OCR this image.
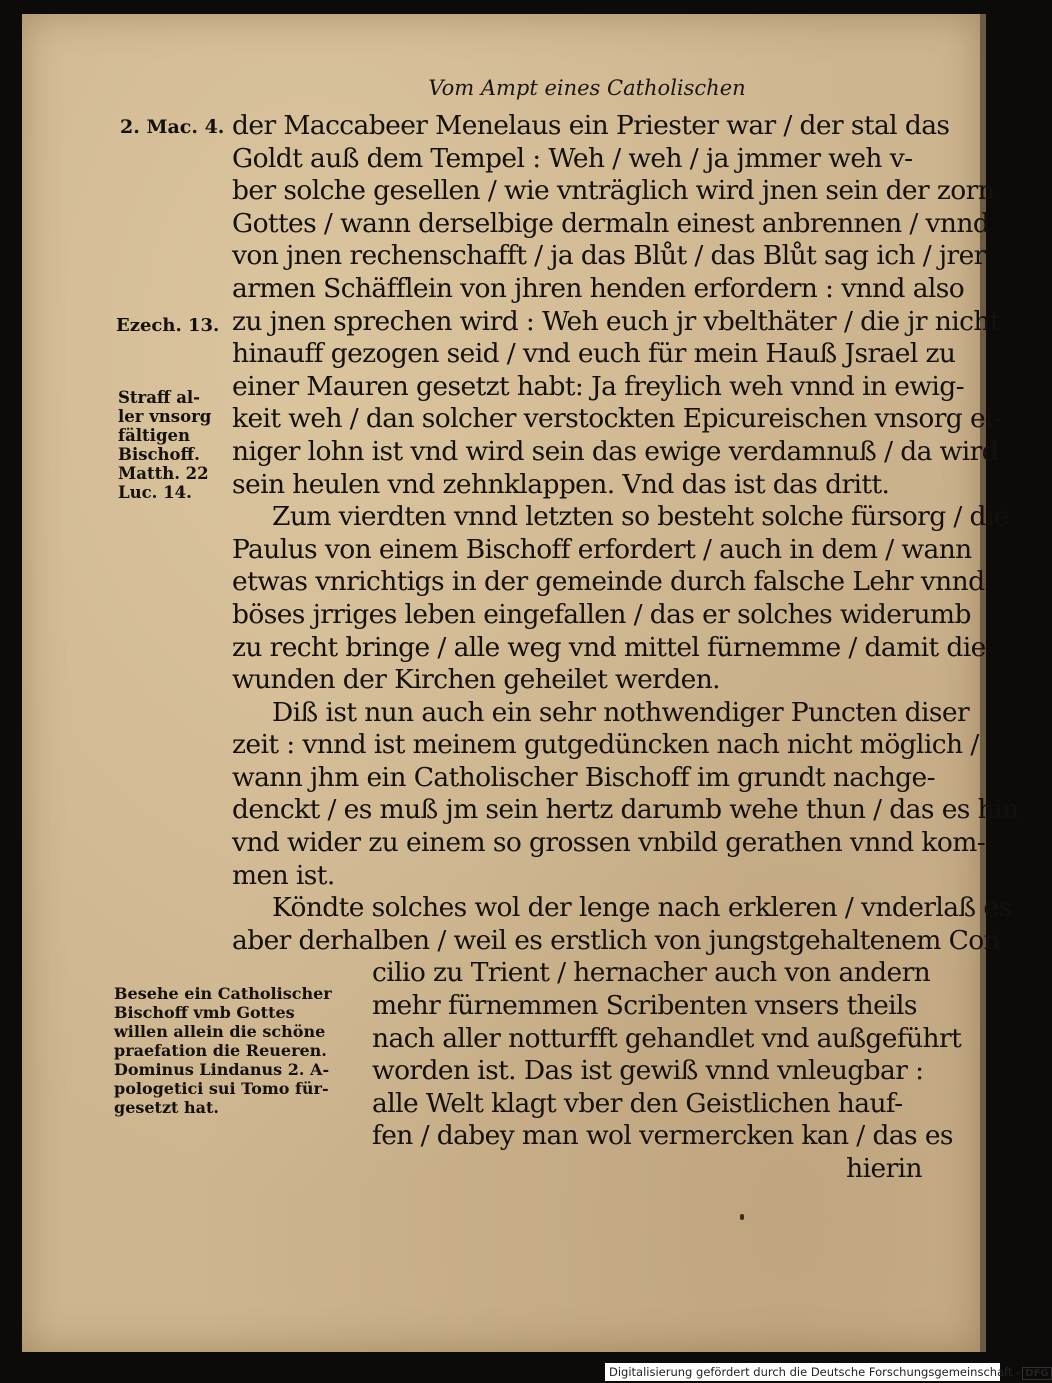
Vom Ampt eines Catholischen
der Maccabeer Menelaus ein Priester war / der stal das
Goldt auß dem Tempel : Weh / weh / ja jmmer weh v-
ber solche gesellen / wie vnträglich wird jnen sein der zorn
Gottes / wann derselbige dermaln einest anbrennen / vnnd
von jnen rechenschafft / ja das Blůt / das Blůt sag ich / jrer
armen Schäfflein von jhren henden erfordern : vnnd also
zu jnen sprechen wird : Weh euch jr vbelthäter / die jr nicht
hinauff gezogen seid / vnd euch für mein Hauß Jsrael zu
einer Mauren gesetzt habt: Ja freylich weh vnnd in ewig-
keit weh / dan solcher verstockten Epicureischen vnsorg ei-
niger lohn ist vnd wird sein das ewige verdamnuß / da wird
sein heulen vnd zehnklappen. Vnd das ist das dritt.
Zum vierdten vnnd letzten so besteht solche fürsorg / die
Paulus von einem Bischoff erfordert / auch in dem / wann
etwas vnrichtigs in der gemeinde durch falsche Lehr vnnd
böses jrriges leben eingefallen / das er solches widerumb
zu recht bringe / alle weg vnd mittel fürnemme / damit die
wunden der Kirchen geheilet werden.
Diß ist nun auch ein sehr nothwendiger Puncten diser
zeit : vnnd ist meinem gutgedüncken nach nicht möglich /
wann jhm ein Catholischer Bischoff im grundt nachge-
denckt / es muß jm sein hertz darumb wehe thun / das es hin
vnd wider zu einem so grossen vnbild gerathen vnnd kom-
men ist.
Köndte solches wol der lenge nach erkleren / vnderlaß es
aber derhalben / weil es erstlich von jungstgehaltenem Con
cilio zu Trient / hernacher auch von andern
mehr fürnemmen Scribenten vnsers theils
nach aller notturfft gehandlet vnd außgeführt
worden ist. Das ist gewiß vnnd vnleugbar :
alle Welt klagt vber den Geistlichen hauf-
fen / dabey man wol vermercken kan / das es
hierin
2. Mac. 4.
Ezech. 13.
Straff al-
ler vnsorg
fältigen
Bischoff.
Matth. 22
Luc. 14.
Besehe ein Catholischer
Bischoff vmb Gottes
willen allein die schöne
praefation die Reueren.
Dominus Lindanus 2. A-
pologetici sui Tomo für-
gesetzt hat.
Digitalisierung gefördert durch die Deutsche Forschungsgemeinschaft - DFG
